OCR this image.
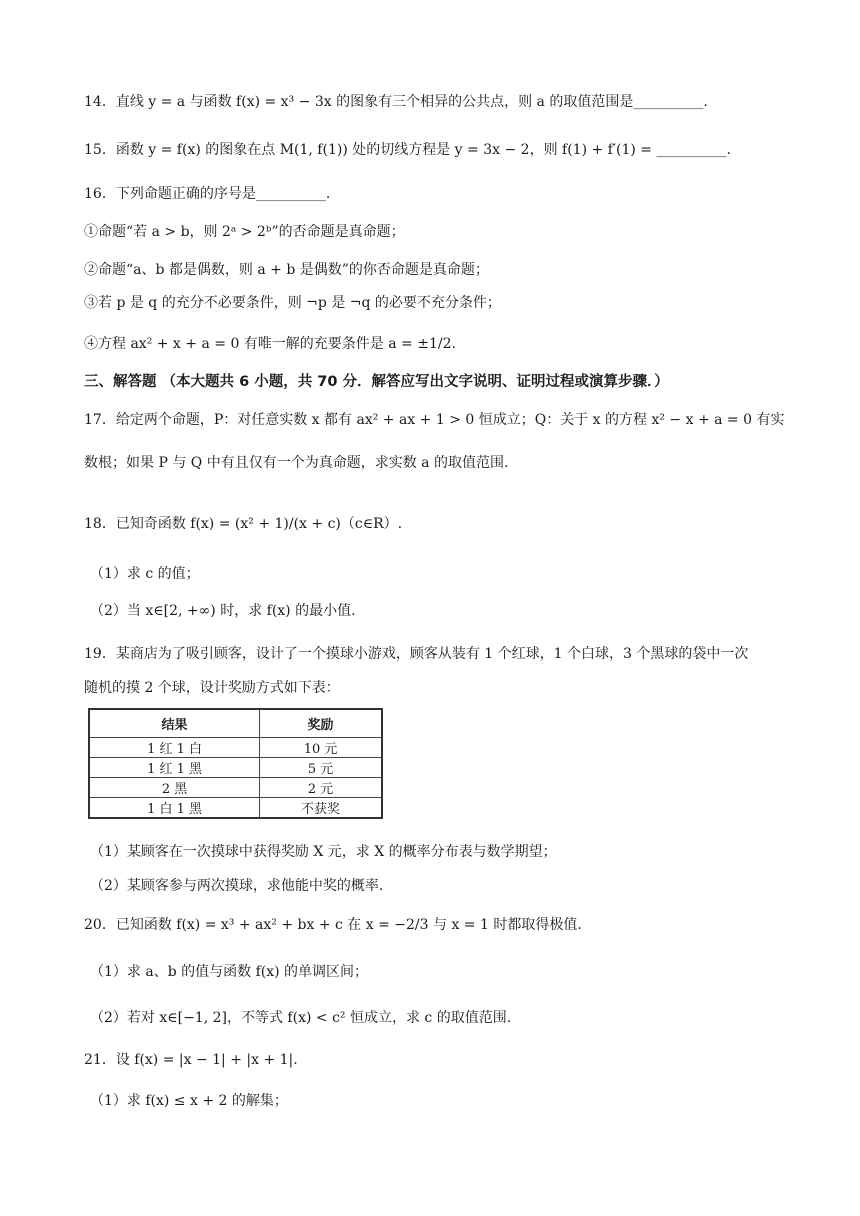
14．直线 y = a 与函数 f(x) = x³ − 3x 的图象有三个相异的公共点，则 a 的取值范围是__________.
15．函数 y = f(x) 的图象在点 M(1, f(1)) 处的切线方程是 y = 3x − 2，则 f(1) + f′(1) = __________.
16．下列命题正确的序号是__________.
①命题“若 a > b，则 2ᵃ > 2ᵇ”的否命题是真命题；
②命题“a、b 都是偶数，则 a + b 是偶数”的你否命题是真命题；
③若 p 是 q 的充分不必要条件，则 ¬p 是 ¬q 的必要不充分条件；
④方程 ax² + x + a = 0 有唯一解的充要条件是 a = ±1/2.
三、解答题 （本大题共 6 小题，共 70 分．解答应写出文字说明、证明过程或演算步骤．）
17．给定两个命题，P：对任意实数 x 都有 ax² + ax + 1 > 0 恒成立；Q：关于 x 的方程 x² − x + a = 0 有实
数根；如果 P 与 Q 中有且仅有一个为真命题，求实数 a 的取值范围.
18．已知奇函数 f(x) = (x² + 1)/(x + c)（c∈R）.
（1）求 c 的值；
（2）当 x∈[2, +∞) 时，求 f(x) 的最小值.
19．某商店为了吸引顾客，设计了一个摸球小游戏，顾客从装有 1 个红球，1 个白球，3 个黑球的袋中一次
随机的摸 2 个球，设计奖励方式如下表：
结果	奖励
1 红 1 白	10 元
1 红 1 黑	5 元
2 黑	2 元
1 白 1 黑	不获奖
（1）某顾客在一次摸球中获得奖励 X 元，求 X 的概率分布表与数学期望；
（2）某顾客参与两次摸球，求他能中奖的概率.
20．已知函数 f(x) = x³ + ax² + bx + c 在 x = −2/3 与 x = 1 时都取得极值.
（1）求 a、b 的值与函数 f(x) 的单调区间；
（2）若对 x∈[−1, 2]，不等式 f(x) < c² 恒成立，求 c 的取值范围.
21．设 f(x) = |x − 1| + |x + 1|.
（1）求 f(x) ≤ x + 2 的解集；
